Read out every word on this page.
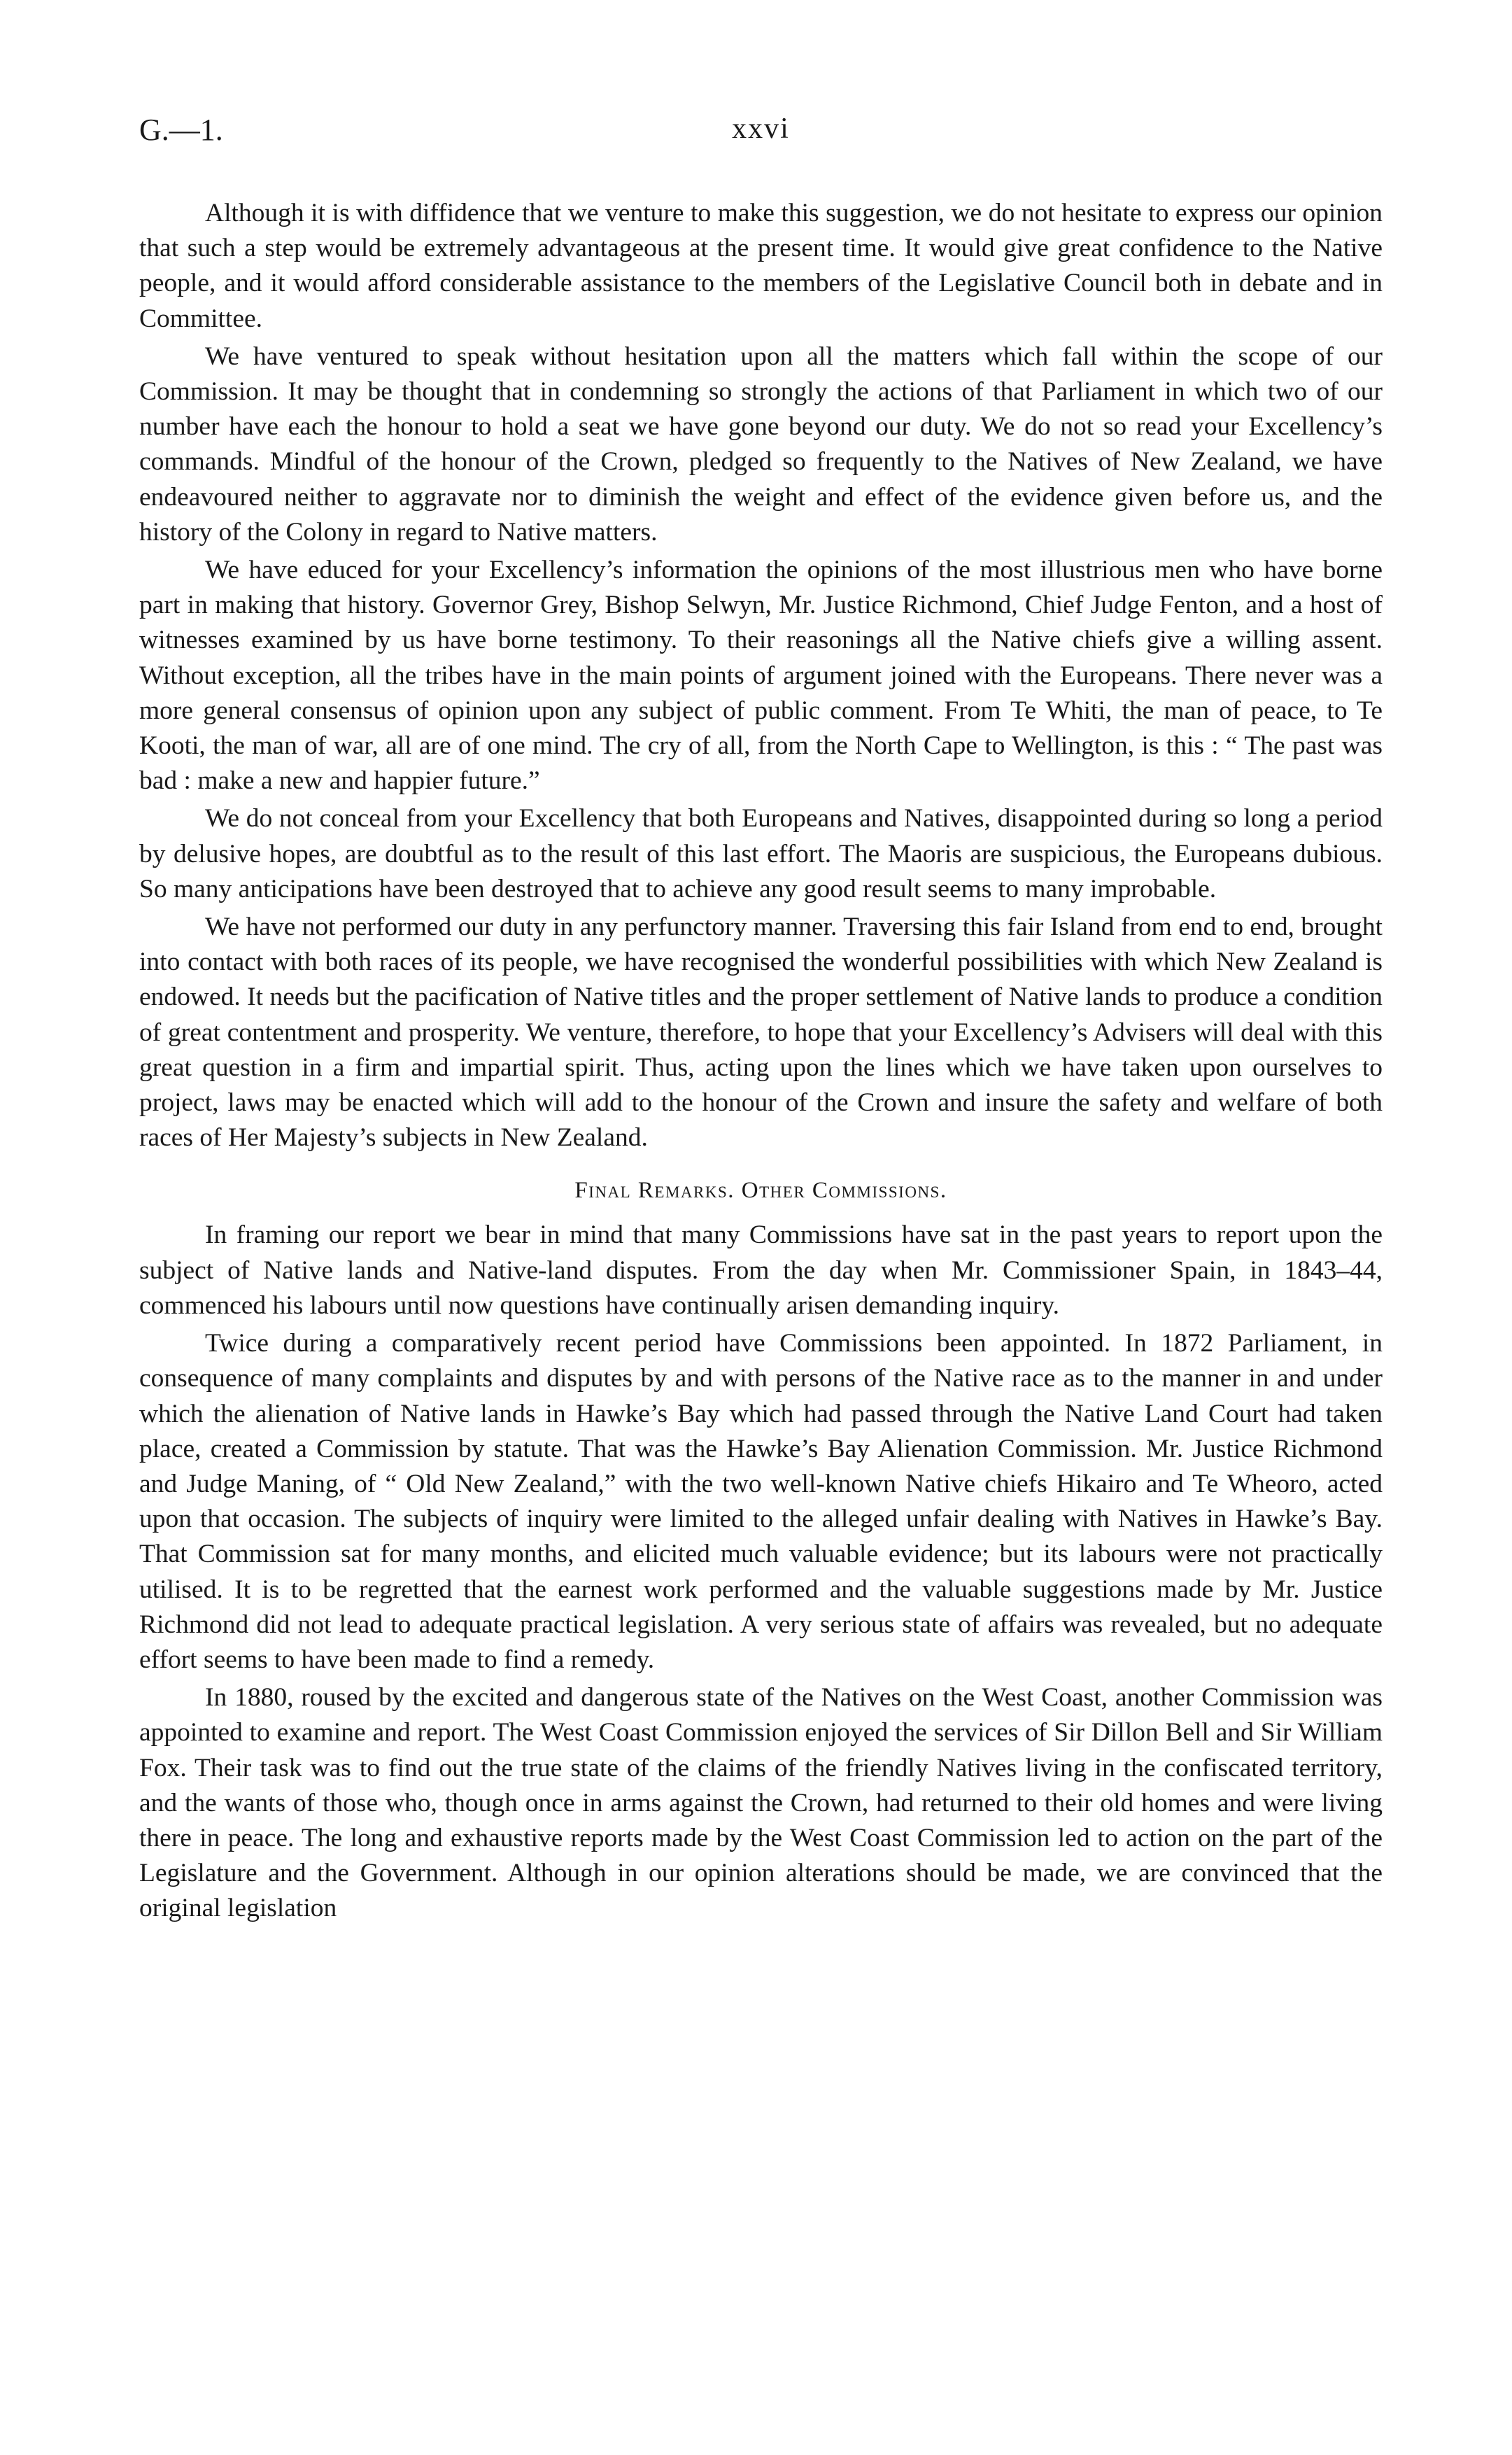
G.—1.	xxvi

Although it is with diffidence that we venture to make this suggestion, we do not hesitate to express our opinion that such a step would be extremely advantageous at the present time. It would give great confidence to the Native people, and it would afford considerable assistance to the members of the Legislative Council both in debate and in Committee.

We have ventured to speak without hesitation upon all the matters which fall within the scope of our Commission. It may be thought that in condemning so strongly the actions of that Parliament in which two of our number have each the honour to hold a seat we have gone beyond our duty. We do not so read your Excellency’s commands. Mindful of the honour of the Crown, pledged so frequently to the Natives of New Zealand, we have endeavoured neither to aggravate nor to diminish the weight and effect of the evidence given before us, and the history of the Colony in regard to Native matters.

We have educed for your Excellency’s information the opinions of the most illustrious men who have borne part in making that history. Governor Grey, Bishop Selwyn, Mr. Justice Richmond, Chief Judge Fenton, and a host of witnesses examined by us have borne testimony. To their reasonings all the Native chiefs give a willing assent. Without exception, all the tribes have in the main points of argument joined with the Europeans. There never was a more general consensus of opinion upon any subject of public comment. From Te Whiti, the man of peace, to Te Kooti, the man of war, all are of one mind. The cry of all, from the North Cape to Wellington, is this : “ The past was bad : make a new and happier future.”

We do not conceal from your Excellency that both Europeans and Natives, disappointed during so long a period by delusive hopes, are doubtful as to the result of this last effort. The Maoris are suspicious, the Europeans dubious. So many anticipations have been destroyed that to achieve any good result seems to many improbable.

We have not performed our duty in any perfunctory manner. Traversing this fair Island from end to end, brought into contact with both races of its people, we have recognised the wonderful possibilities with which New Zealand is endowed. It needs but the pacification of Native titles and the proper settlement of Native lands to produce a condition of great contentment and prosperity. We venture, therefore, to hope that your Excellency’s Advisers will deal with this great question in a firm and impartial spirit. Thus, acting upon the lines which we have taken upon ourselves to project, laws may be enacted which will add to the honour of the Crown and insure the safety and welfare of both races of Her Majesty’s subjects in New Zealand.

Final Remarks. Other Commissions.

In framing our report we bear in mind that many Commissions have sat in the past years to report upon the subject of Native lands and Native-land disputes. From the day when Mr. Commissioner Spain, in 1843–44, commenced his labours until now questions have continually arisen demanding inquiry.

Twice during a comparatively recent period have Commissions been appointed. In 1872 Parliament, in consequence of many complaints and disputes by and with persons of the Native race as to the manner in and under which the alienation of Native lands in Hawke’s Bay which had passed through the Native Land Court had taken place, created a Commission by statute. That was the Hawke’s Bay Alienation Commission. Mr. Justice Richmond and Judge Maning, of “ Old New Zealand,” with the two well-known Native chiefs Hikairo and Te Wheoro, acted upon that occasion. The subjects of inquiry were limited to the alleged unfair dealing with Natives in Hawke’s Bay. That Commission sat for many months, and elicited much valuable evidence; but its labours were not practically utilised. It is to be regretted that the earnest work performed and the valuable suggestions made by Mr. Justice Richmond did not lead to adequate practical legislation. A very serious state of affairs was revealed, but no adequate effort seems to have been made to find a remedy.

In 1880, roused by the excited and dangerous state of the Natives on the West Coast, another Commission was appointed to examine and report. The West Coast Commission enjoyed the services of Sir Dillon Bell and Sir William Fox. Their task was to find out the true state of the claims of the friendly Natives living in the confiscated territory, and the wants of those who, though once in arms against the Crown, had returned to their old homes and were living there in peace. The long and exhaustive reports made by the West Coast Commission led to action on the part of the Legislature and the Government. Although in our opinion alterations should be made, we are convinced that the original legislation
